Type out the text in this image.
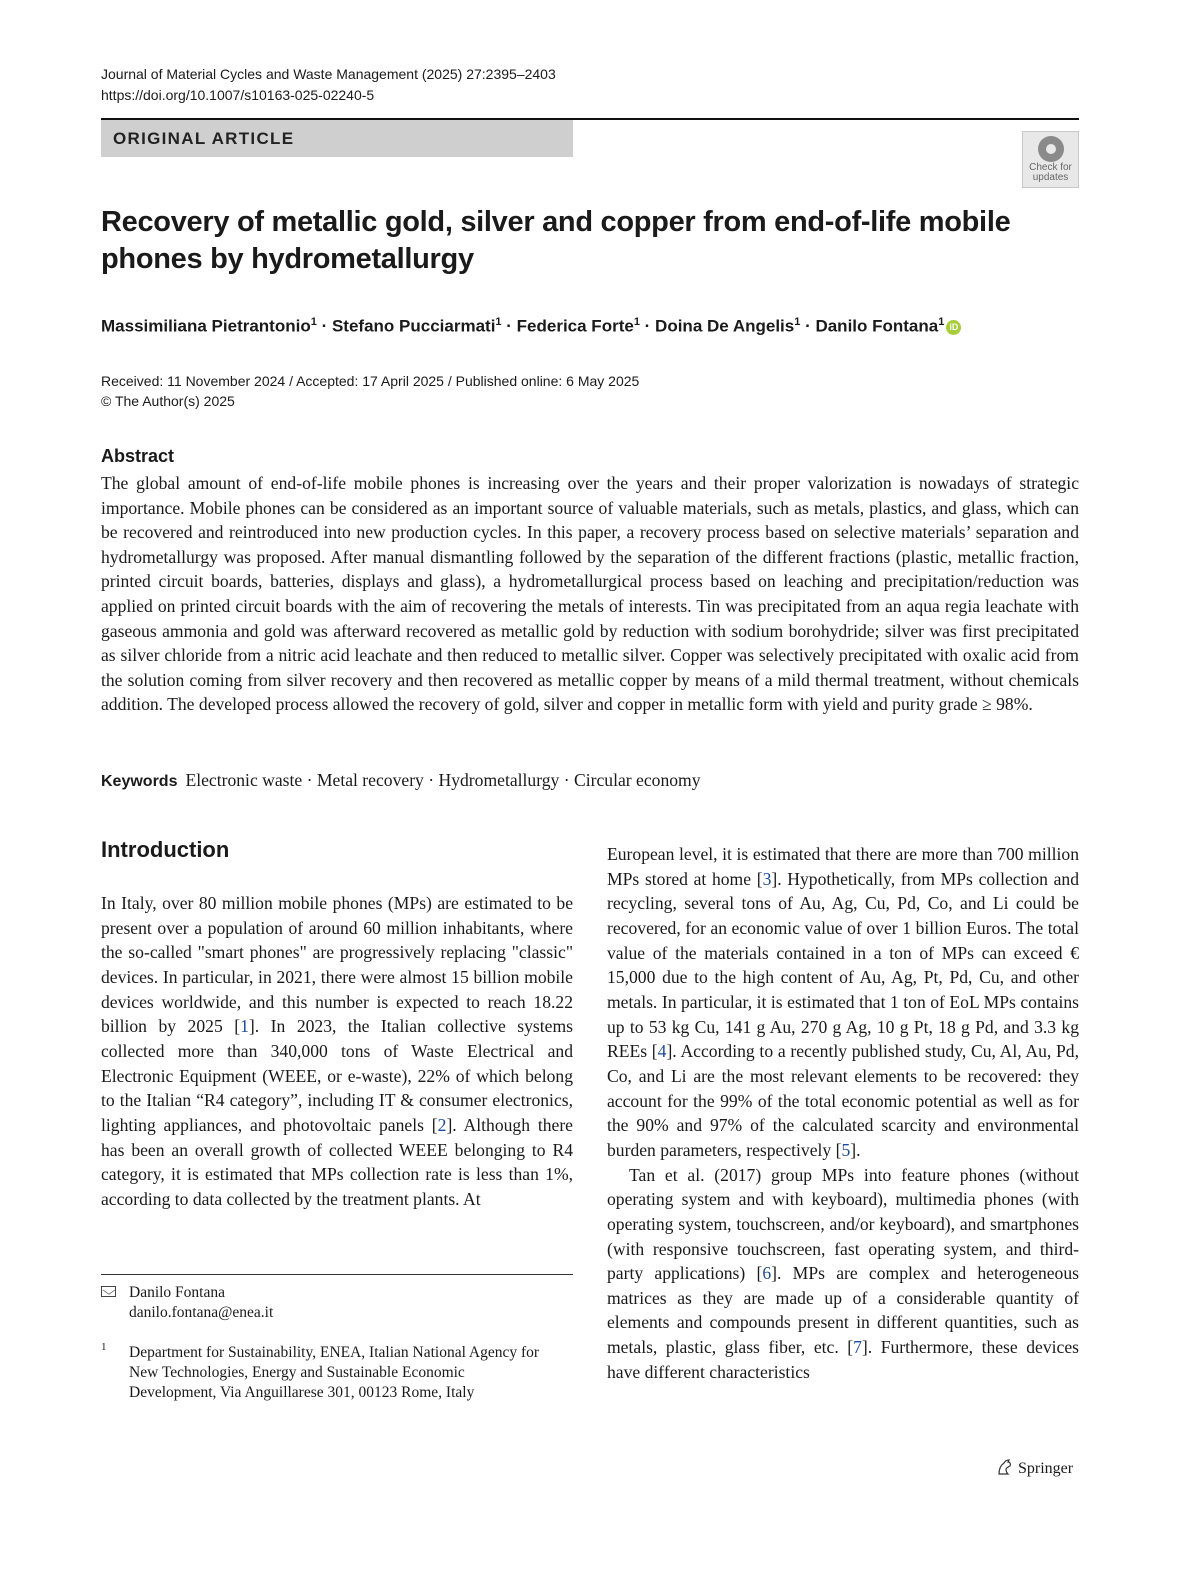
Journal of Material Cycles and Waste Management (2025) 27:2395–2403
https://doi.org/10.1007/s10163-025-02240-5
ORIGINAL ARTICLE
Check for
updates
Recovery of metallic gold, silver and copper from end-of-life mobile phones by hydrometallurgy
Massimiliana Pietrantonio$^1$ · Stefano Pucciarmati$^1$ · Federica Forte$^1$ · Doina De Angelis$^1$ · Danilo Fontana$^1$ iD
Received: 11 November 2024 / Accepted: 17 April 2025 / Published online: 6 May 2025
© The Author(s) 2025
Abstract
The global amount of end-of-life mobile phones is increasing over the years and their proper valorization is nowadays of strategic importance. Mobile phones can be considered as an important source of valuable materials, such as metals, plastics, and glass, which can be recovered and reintroduced into new production cycles. In this paper, a recovery process based on selective materials’ separation and hydrometallurgy was proposed. After manual dismantling followed by the separation of the different fractions (plastic, metallic fraction, printed circuit boards, batteries, displays and glass), a hydrometallurgical process based on leaching and precipitation/reduction was applied on printed circuit boards with the aim of recovering the metals of interests. Tin was precipitated from an aqua regia leachate with gaseous ammonia and gold was afterward recovered as metallic gold by reduction with sodium borohydride; silver was first precipitated as silver chloride from a nitric acid leachate and then reduced to metallic silver. Copper was selectively precipitated with oxalic acid from the solution coming from silver recovery and then recovered as metallic copper by means of a mild thermal treatment, without chemicals addition. The developed process allowed the recovery of gold, silver and copper in metallic form with yield and purity grade ≥ 98%.
Keywords Electronic waste · Metal recovery · Hydrometallurgy · Circular economy
Introduction

In Italy, over 80 million mobile phones (MPs) are estimated to be present over a population of around 60 million inhabitants, where the so-called "smart phones" are progressively replacing "classic" devices. In particular, in 2021, there were almost 15 billion mobile devices worldwide, and this number is expected to reach 18.22 billion by 2025 [1]. In 2023, the Italian collective systems collected more than 340,000 tons of Waste Electrical and Electronic Equipment (WEEE, or e-waste), 22% of which belong to the Italian “R4 category”, including IT & consumer electronics, lighting appliances, and photovoltaic panels [2]. Although there has been an overall growth of collected WEEE belonging to R4 category, it is estimated that MPs collection rate is less than 1%, according to data collected by the treatment plants. At

European level, it is estimated that there are more than 700 million MPs stored at home [3]. Hypothetically, from MPs collection and recycling, several tons of Au, Ag, Cu, Pd, Co, and Li could be recovered, for an economic value of over 1 billion Euros. The total value of the materials contained in a ton of MPs can exceed € 15,000 due to the high content of Au, Ag, Pt, Pd, Cu, and other metals. In particular, it is estimated that 1 ton of EoL MPs contains up to 53 kg Cu, 141 g Au, 270 g Ag, 10 g Pt, 18 g Pd, and 3.3 kg REEs [4]. According to a recently published study, Cu, Al, Au, Pd, Co, and Li are the most relevant elements to be recovered: they account for the 99% of the total economic potential as well as for the 90% and 97% of the calculated scarcity and environmental burden parameters, respectively [5].

Tan et al. (2017) group MPs into feature phones (without operating system and with keyboard), multimedia phones (with operating system, touchscreen, and/or keyboard), and smartphones (with responsive touchscreen, fast operating system, and third-party applications) [6]. MPs are complex and heterogeneous matrices as they are made up of a considerable quantity of elements and compounds present in different quantities, such as metals, plastic, glass fiber, etc. [7]. Furthermore, these devices have different characteristics

Danilo Fontana
danilo.fontana@enea.it
1 Department for Sustainability, ENEA, Italian National Agency for New Technologies, Energy and Sustainable Economic Development, Via Anguillarese 301, 00123 Rome, Italy
Springer
